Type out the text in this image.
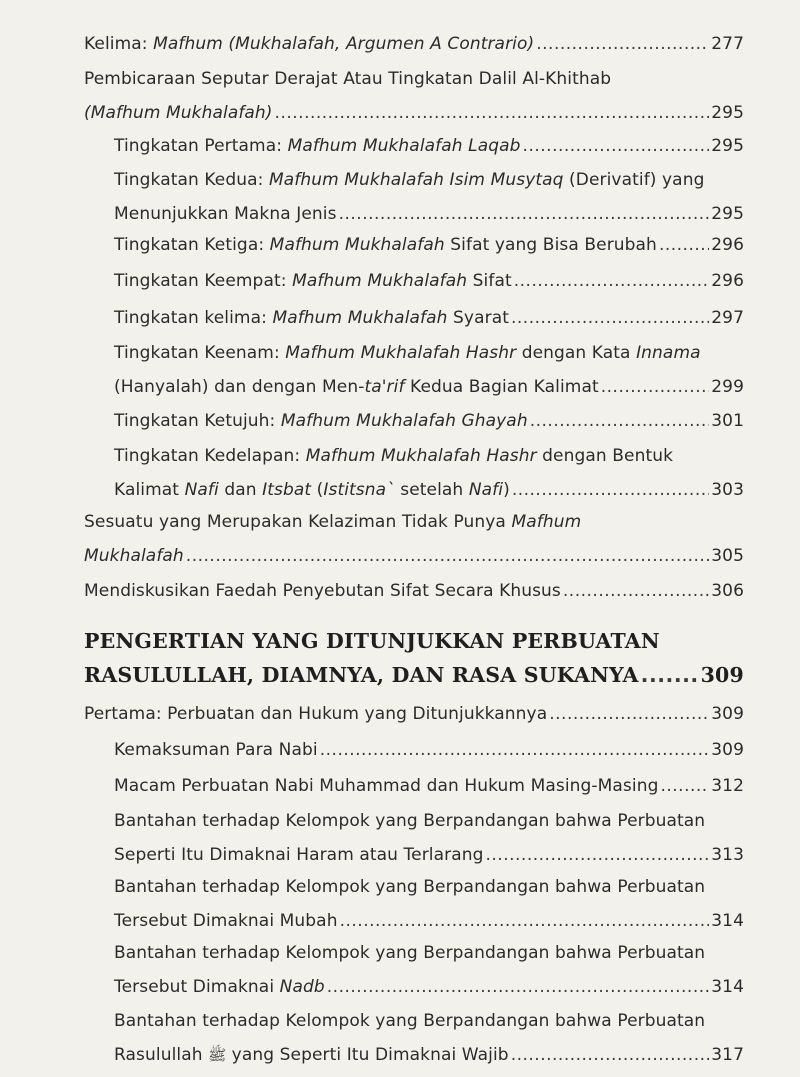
Kelima: Mafhum (Mukhalafah, Argumen A Contrario) .....	277
Pembicaraan Seputar Derajat Atau Tingkatan Dalil Al-Khithab
(Mafhum Mukhalafah) .....	295
Tingkatan Pertama: Mafhum Mukhalafah Laqab .....	295
Tingkatan Kedua: Mafhum Mukhalafah Isim Musytaq (Derivatif) yang
Menunjukkan Makna Jenis .....	295
Tingkatan Ketiga: Mafhum Mukhalafah Sifat yang Bisa Berubah .....	296
Tingkatan Keempat: Mafhum Mukhalafah Sifat .....	296
Tingkatan kelima: Mafhum Mukhalafah Syarat .....	297
Tingkatan Keenam: Mafhum Mukhalafah Hashr dengan Kata Innama
(Hanyalah) dan dengan Men-ta'rif Kedua Bagian Kalimat .....	299
Tingkatan Ketujuh: Mafhum Mukhalafah Ghayah .....	301
Tingkatan Kedelapan: Mafhum Mukhalafah Hashr dengan Bentuk
Kalimat Nafi dan Itsbat (Istitsna` setelah Nafi) .....	303
Sesuatu yang Merupakan Kelaziman Tidak Punya Mafhum
Mukhalafah .....	305
Mendiskusikan Faedah Penyebutan Sifat Secara Khusus .....	306
PENGERTIAN YANG DITUNJUKKAN PERBUATAN
RASULULLAH, DIAMNYA, DAN RASA SUKANYA .....	309
Pertama: Perbuatan dan Hukum yang Ditunjukkannya .....	309
Kemaksuman Para Nabi .....	309
Macam Perbuatan Nabi Muhammad dan Hukum Masing-Masing .....	312
Bantahan terhadap Kelompok yang Berpandangan bahwa Perbuatan
Seperti Itu Dimaknai Haram atau Terlarang .....	313
Bantahan terhadap Kelompok yang Berpandangan bahwa Perbuatan
Tersebut Dimaknai Mubah .....	314
Bantahan terhadap Kelompok yang Berpandangan bahwa Perbuatan
Tersebut Dimaknai Nadb .....	314
Bantahan terhadap Kelompok yang Berpandangan bahwa Perbuatan
Rasulullah ﷺ yang Seperti Itu Dimaknai Wajib .....	317
